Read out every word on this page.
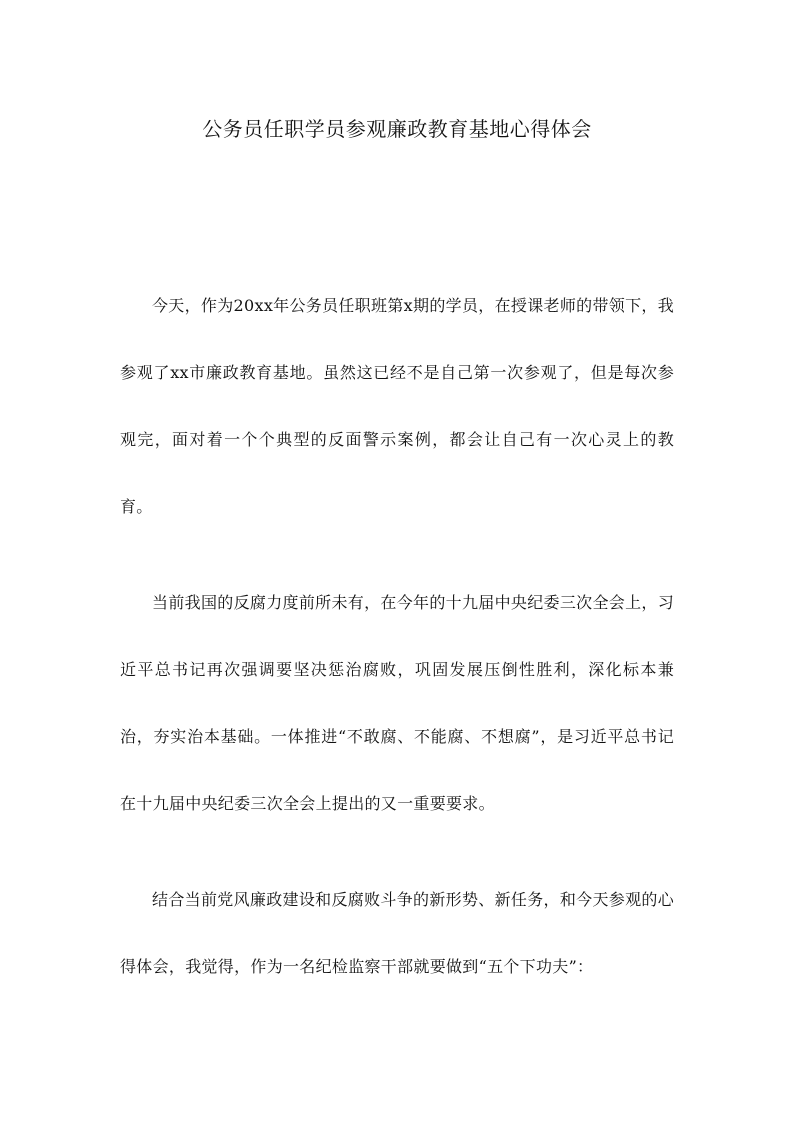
公务员任职学员参观廉政教育基地心得体会

今天，作为20xx年公务员任职班第x期的学员，在授课老师的带领下，我参观了xx市廉政教育基地。虽然这已经不是自己第一次参观了，但是每次参观完，面对着一个个典型的反面警示案例，都会让自己有一次心灵上的教育。

当前我国的反腐力度前所未有，在今年的十九届中央纪委三次全会上，习近平总书记再次强调要坚决惩治腐败，巩固发展压倒性胜利，深化标本兼治，夯实治本基础。一体推进“不敢腐、不能腐、不想腐”，是习近平总书记在十九届中央纪委三次全会上提出的又一重要要求。

结合当前党风廉政建设和反腐败斗争的新形势、新任务，和今天参观的心得体会，我觉得，作为一名纪检监察干部就要做到“五个下功夫”：
